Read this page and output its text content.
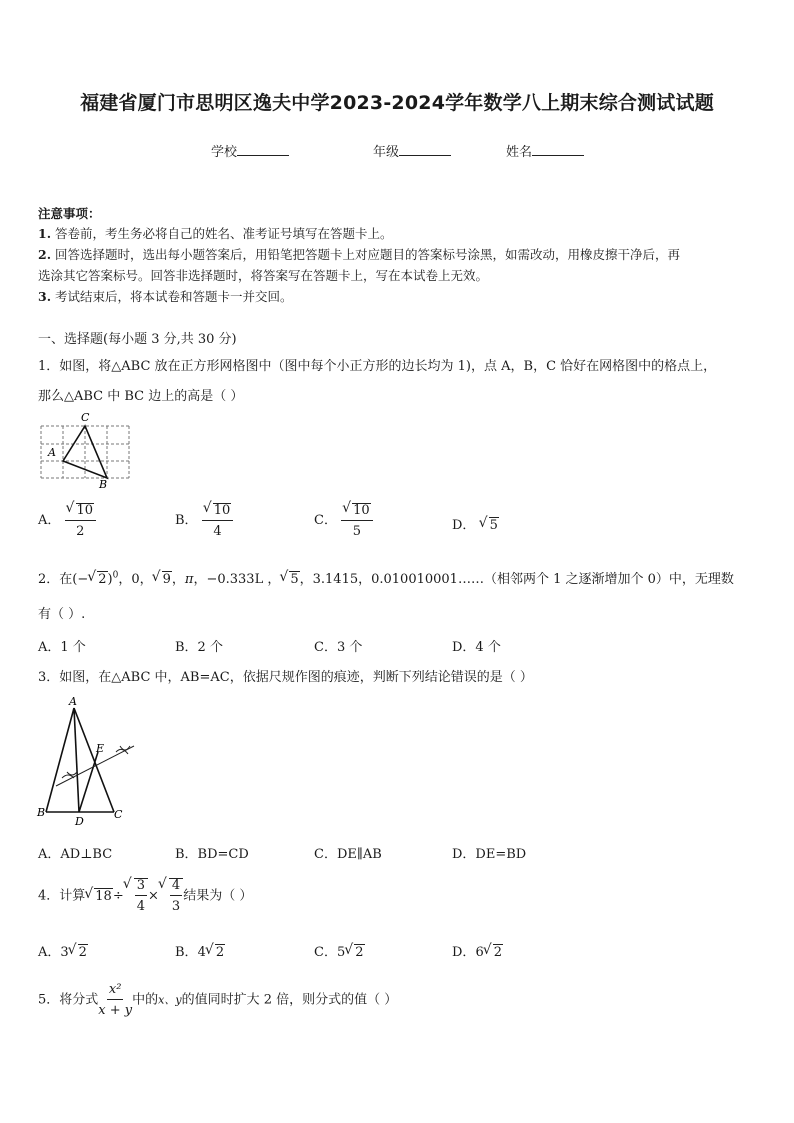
福建省厦门市思明区逸夫中学2023-2024学年数学八上期末综合测试试题
学校	年级	姓名
注意事项：
1. 答卷前，考生务必将自己的姓名、准考证号填写在答题卡上。
2. 回答选择题时，选出每小题答案后，用铅笔把答题卡上对应题目的答案标号涂黑，如需改动，用橡皮擦干净后，再
选涂其它答案标号。回答非选择题时，将答案写在答题卡上，写在本试卷上无效。
3. 考试结束后，将本试卷和答题卡一并交回。
一、选择题(每小题 3 分,共 30 分)
1．如图，将△ABC 放在正方形网格图中（图中每个小正方形的边长均为 1)，点 A，B，C 恰好在网格图中的格点上，
那么△ABC 中 BC 边上的高是（ ）
A
C
B
A． √ $\frac{10}{2}$	B． √ $\frac{10}{4}$	C． √ $\frac{10}{5}$	D． √ 5
2．在(− √ 2)$^0$，0， √ 9，π，−0.333L ， √ 5，3.1415，0.010010001……（相邻两个 1 之逐渐增加个 0）中，无理数
有（ ）.
A．1 个	B．2 个	C．3 个	D．4 个
3．如图，在△ABC 中，AB=AC，依据尺规作图的痕迹，判断下列结论错误的是（ ）
A
B
D
C
E
A．AD⊥BC	B．BD=CD	C．DE∥AB	D．DE=BD
4．计算 √ 18÷ √ $\frac{3}{4}$ × √ $\frac{4}{3}$ 结果为（ ）
A．3 √ 2	B．4 √ 2	C．5 √ 2	D．6 √ 2
5．将分式 $\frac{\text{x²}}{x + y}$ 中的x、y的值同时扩大 2 倍，则分式的值（ ）
